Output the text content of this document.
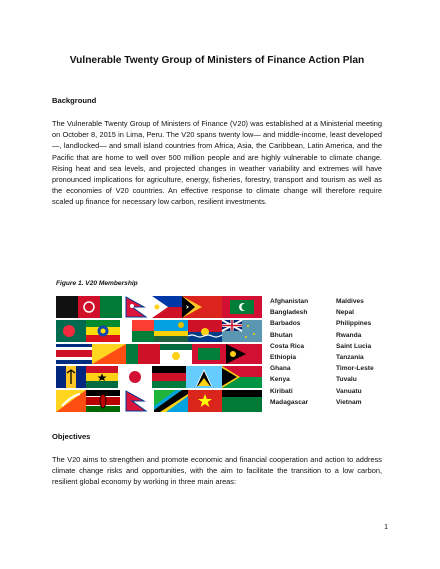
Vulnerable Twenty Group of Ministers of Finance Action Plan
Background
The Vulnerable Twenty Group of Ministers of Finance (V20) was established at a Ministerial meeting on October 8, 2015 in Lima, Peru. The V20 spans twenty low— and middle-income, least developed—, landlocked— and small island countries from Africa, Asia, the Caribbean, Latin America, and the Pacific that are home to well over 500 million people and are highly vulnerable to climate change. Rising heat and sea levels, and projected changes in weather variability and extremes will have pronounced implications for agriculture, energy, fisheries, forestry, transport and tourism as well as the economies of V20 countries. An effective response to climate change will therefore require scaled up finance for necessary low carbon, resilient investments.
Figure 1. V20 Membership
Afghanistan
Bangladesh
Barbados
Bhutan
Costa Rica
Ethiopia
Ghana
Kenya
Kiribati
Madagascar
Maldives
Nepal
Philippines
Rwanda
Saint Lucia
Tanzania
Timor-Leste
Tuvalu
Vanuatu
Vietnam
Objectives
The V20 aims to strengthen and promote economic and financial cooperation and action to address climate change risks and opportunities, with the aim to facilitate the transition to a low carbon, resilient global economy by working in three main areas:
1
